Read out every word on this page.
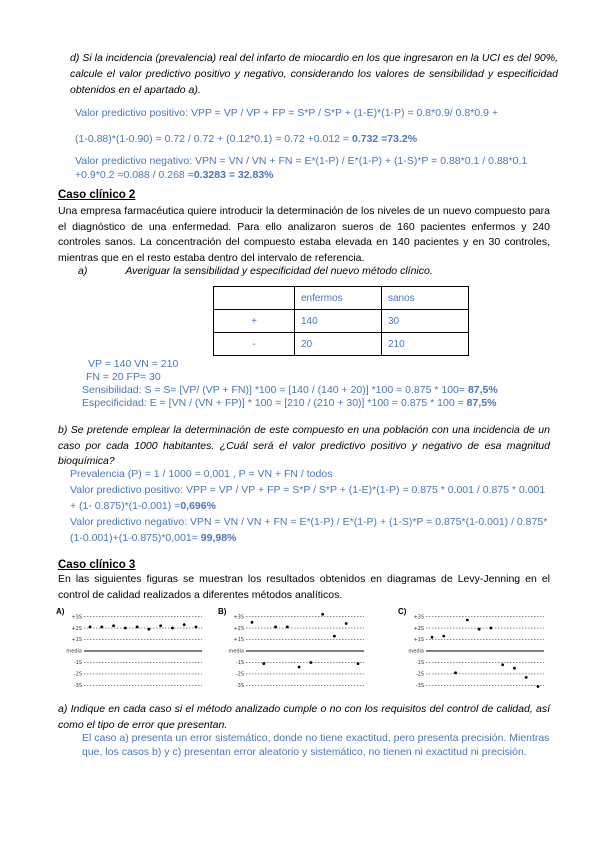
d) Si la incidencia (prevalencia) real del infarto de miocardio en los que ingresaron en la UCI es del 90%, calcule el valor predictivo positivo y negativo, considerando los valores de sensibilidad y especificidad obtenidos en el apartado a).

Valor predictivo positivo: VPP = VP / VP + FP = S*P / S*P + (1-E)*(1-P) = 0.8*0.9/ 0.8*0.9 +

(1-0.88)*(1-0.90) = 0.72 / 0.72 + (0.12*0.1) = 0.72 +0.012 = 0.732 =73.2%

Valor predictivo negativo: VPN = VN / VN + FN = E*(1-P) / E*(1-P) + (1-S)*P = 0.88*0.1 / 0.88*0.1 +0.9*0.2 =0.088 / 0.268 =0.3283 = 32.83%

Caso clínico 2

Una empresa farmacéutica quiere introducir la determinación de los niveles de un nuevo compuesto para el diagnóstico de una enfermedad. Para ello analizaron sueros de 160 pacientes enfermos y 240 controles sanos. La concentración del compuesto estaba elevada en 140 pacientes y en 30 controles, mientras que en el resto estaba dentro del intervalo de referencia.

a)	Averiguar la sensibilidad y especificidad del nuevo método clínico.

	enfermos	sanos
+	140	30
-	20	210

VP = 140 VN = 210

FN = 20 FP= 30

Sensibilidad: S = S= [VP/ (VP + FN)] *100 = [140 / (140 + 20)] *100 = 0.875 * 100= 87,5%

Especificidad: E = [VN / (VN + FP)] * 100 = [210 / (210 + 30)] *100 = 0.875 * 100 = 87,5%

b) Se pretende emplear la determinación de este compuesto en una población con una incidencia de un caso por cada 1000 habitantes. ¿Cuál será el valor predictivo positivo y negativo de esa magnitud bioquímica?

Prevalencia (P) = 1 / 1000 = 0,001 , P = VN + FN / todos

Valor predictivo positivo: VPP = VP / VP + FP = S*P / S*P + (1-E)*(1-P) = 0.875 * 0.001 / 0.875 * 0.001 + (1- 0.875)*(1-0.001) =0,696%

Valor predictivo negativo: VPN = VN / VN + FN = E*(1-P) / E*(1-P) + (1-S)*P = 0.875*(1-0.001) / 0.875*(1-0.001)+(1-0.875)*0,001= 99,98%

Caso clínico 3

En las siguientes figuras se muestran los resultados obtenidos en diagramas de Levy-Jenning en el control de calidad realizados a diferentes métodos analíticos.

A)
+3S
+2S
+1S
media
-1S
-2S
-3S
B)
+3S
+2S
+1S
media
-1S
-2S
-3S
C)
+3S
+2S
+1S
media
-1S
-2S
-3S

a) Indique en cada caso si el método analizado cumple o no con los requisitos del control de calidad, así como el tipo de error que presentan.

El caso a) presenta un error sistemático, donde no tiene exactitud, pero presenta precisión. Mientras que, los casos b) y c) presentan error aleatorio y sistemático, no tienen ni exactitud ni precisión.
